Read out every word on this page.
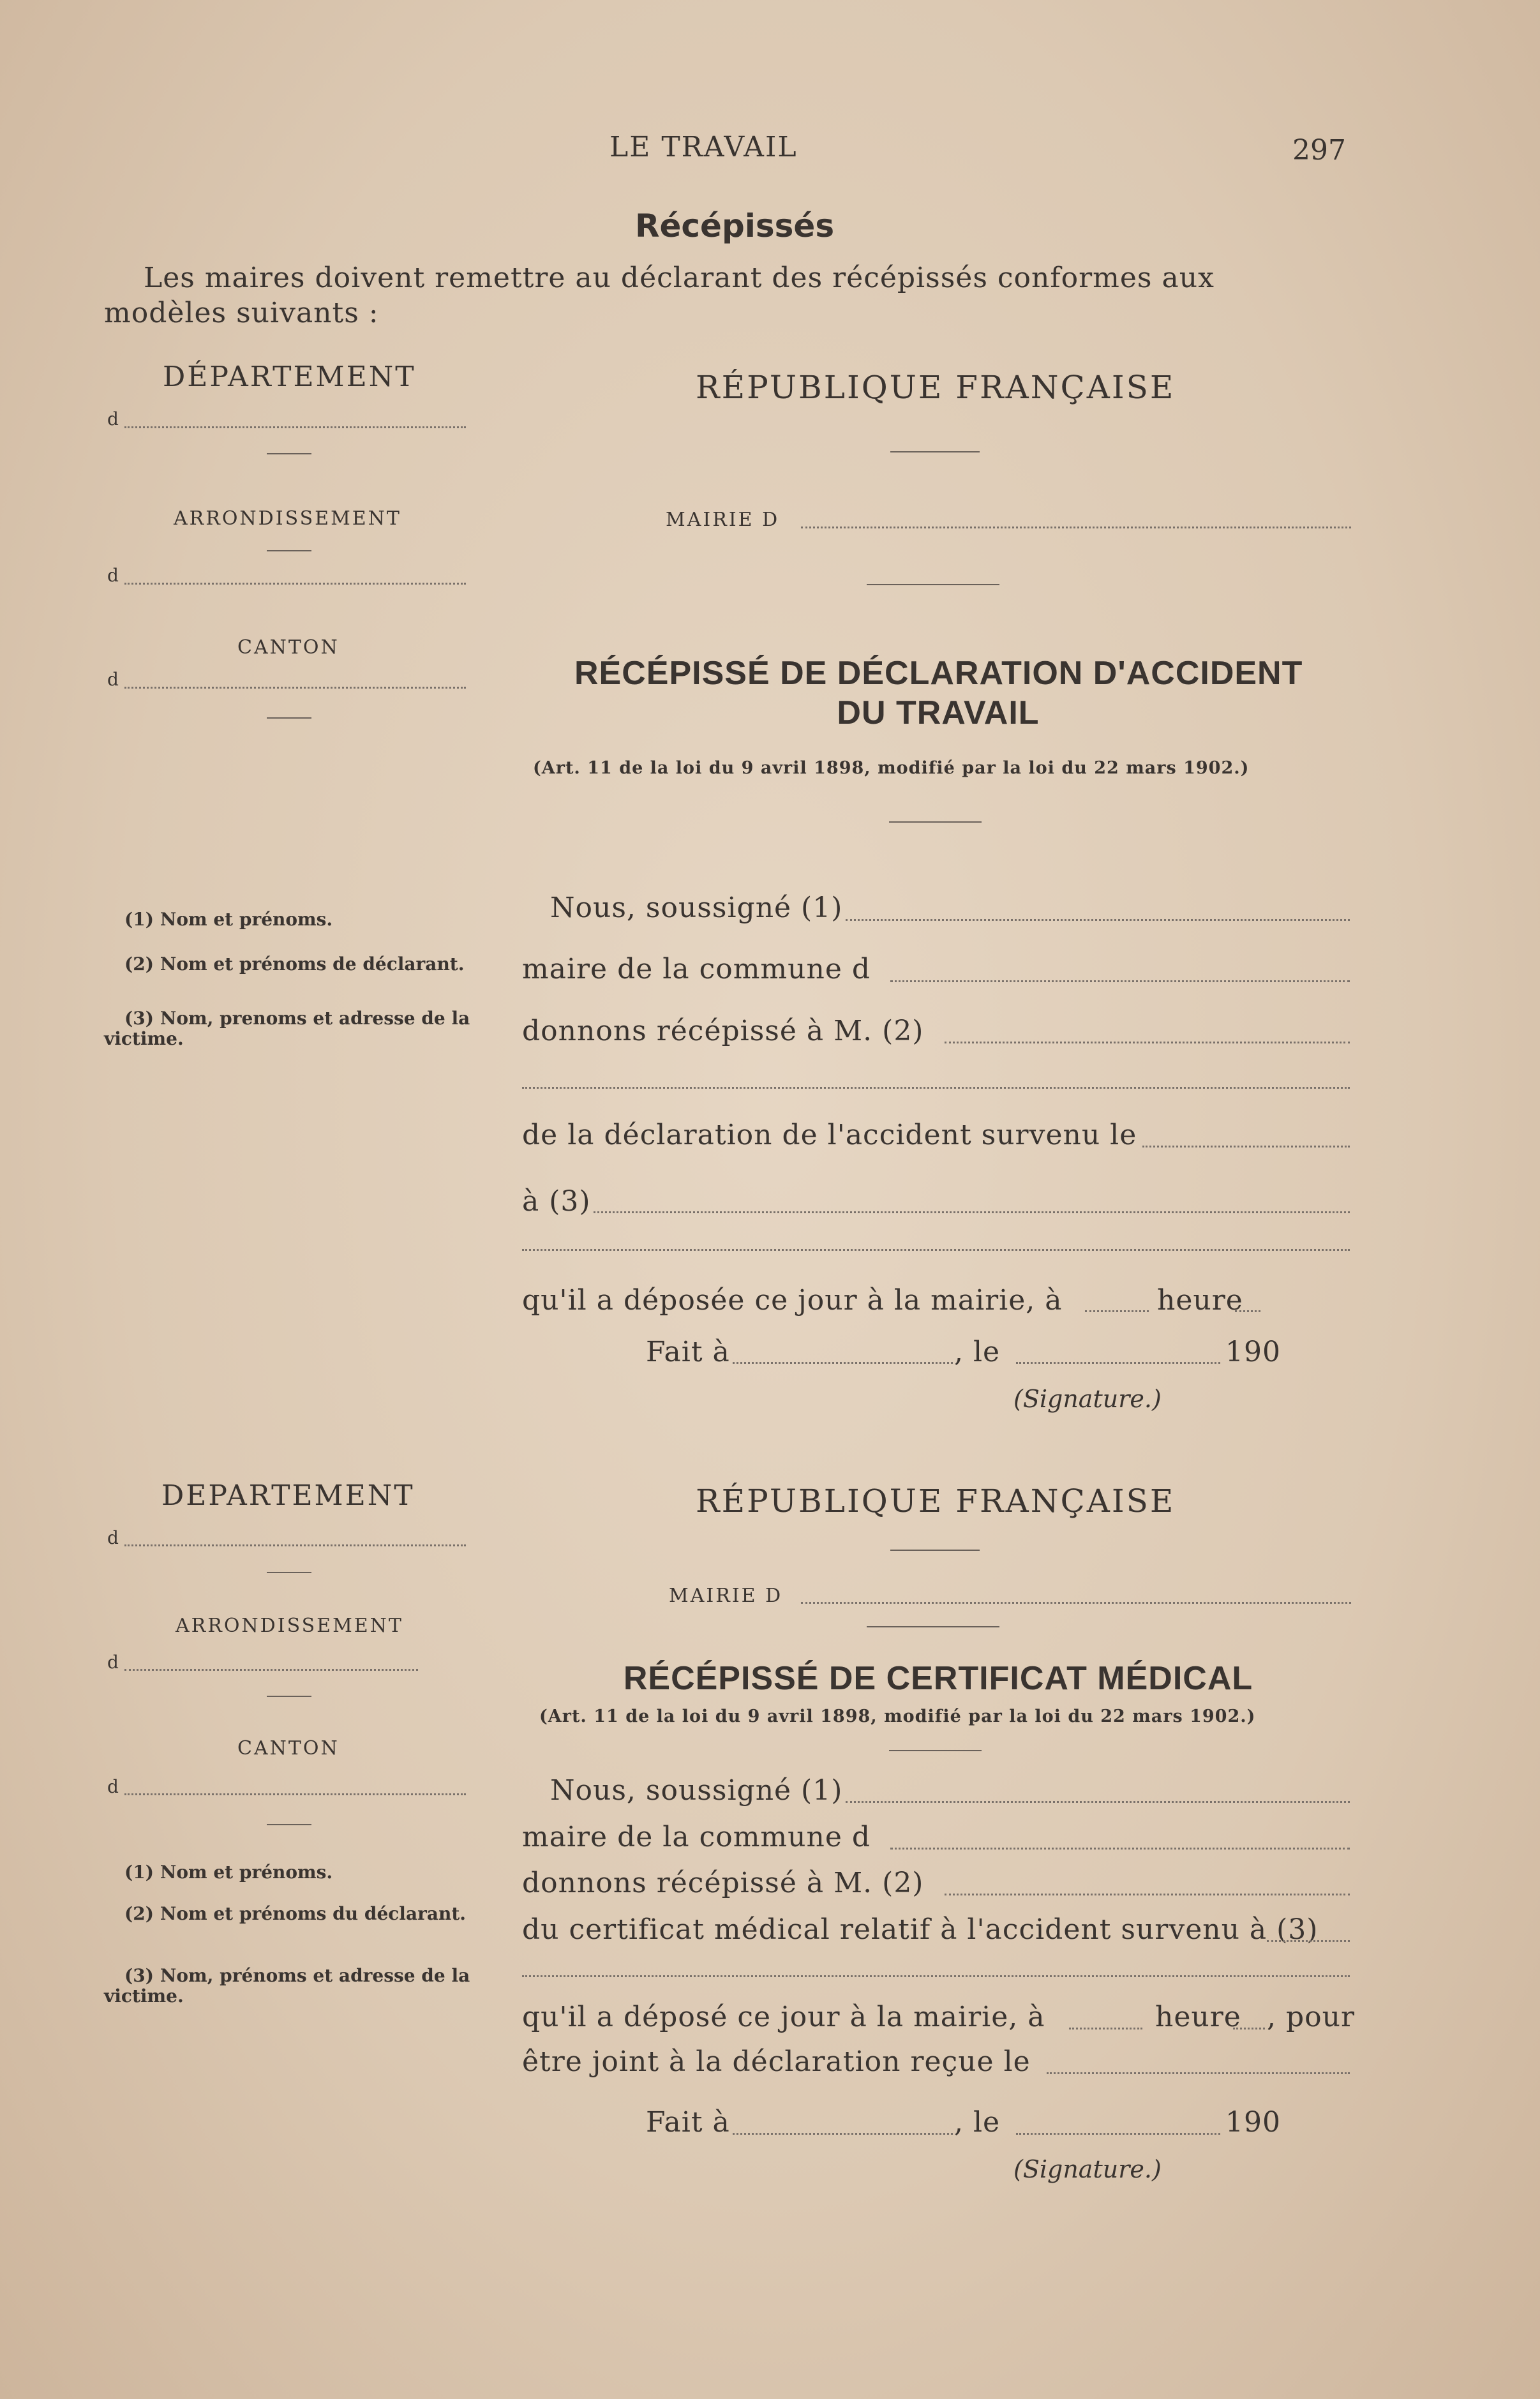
LE TRAVAIL	297
Récépissés
Les maires doivent remettre au déclarant des récépissés conformes aux
modèles suivants :
DÉPARTEMENT
d
ARRONDISSEMENT
d
CANTON
d
(1) Nom et prénoms.
(2) Nom et prénoms de déclarant.
(3) Nom, prenoms et adresse de la victime.
RÉPUBLIQUE FRANÇAISE
MAIRIE D
RÉCÉPISSÉ DE DÉCLARATION D'ACCIDENT
DU TRAVAIL
(Art. 11 de la loi du 9 avril 1898, modifié par la loi du 22 mars 1902.)
Nous, soussigné (1)
maire de la commune d
donnons récépissé à M. (2)
de la déclaration de l'accident survenu le
à (3)
qu'il a déposée ce jour à la mairie, à	heure
Fait à	, le	190
(Signature.)
DEPARTEMENT
d
ARRONDISSEMENT
d
CANTON
d
(1) Nom et prénoms.
(2) Nom et prénoms du déclarant.
(3) Nom, prénoms et adresse de la victime.
RÉPUBLIQUE FRANÇAISE
MAIRIE D
RÉCÉPISSÉ DE CERTIFICAT MÉDICAL
(Art. 11 de la loi du 9 avril 1898, modifié par la loi du 22 mars 1902.)
Nous, soussigné (1)
maire de la commune d
donnons récépissé à M. (2)
du certificat médical relatif à l'accident survenu à (3)
qu'il a déposé ce jour à la mairie, à	heure , pour
être joint à la déclaration reçue le
Fait à	, le	190
(Signature.)
